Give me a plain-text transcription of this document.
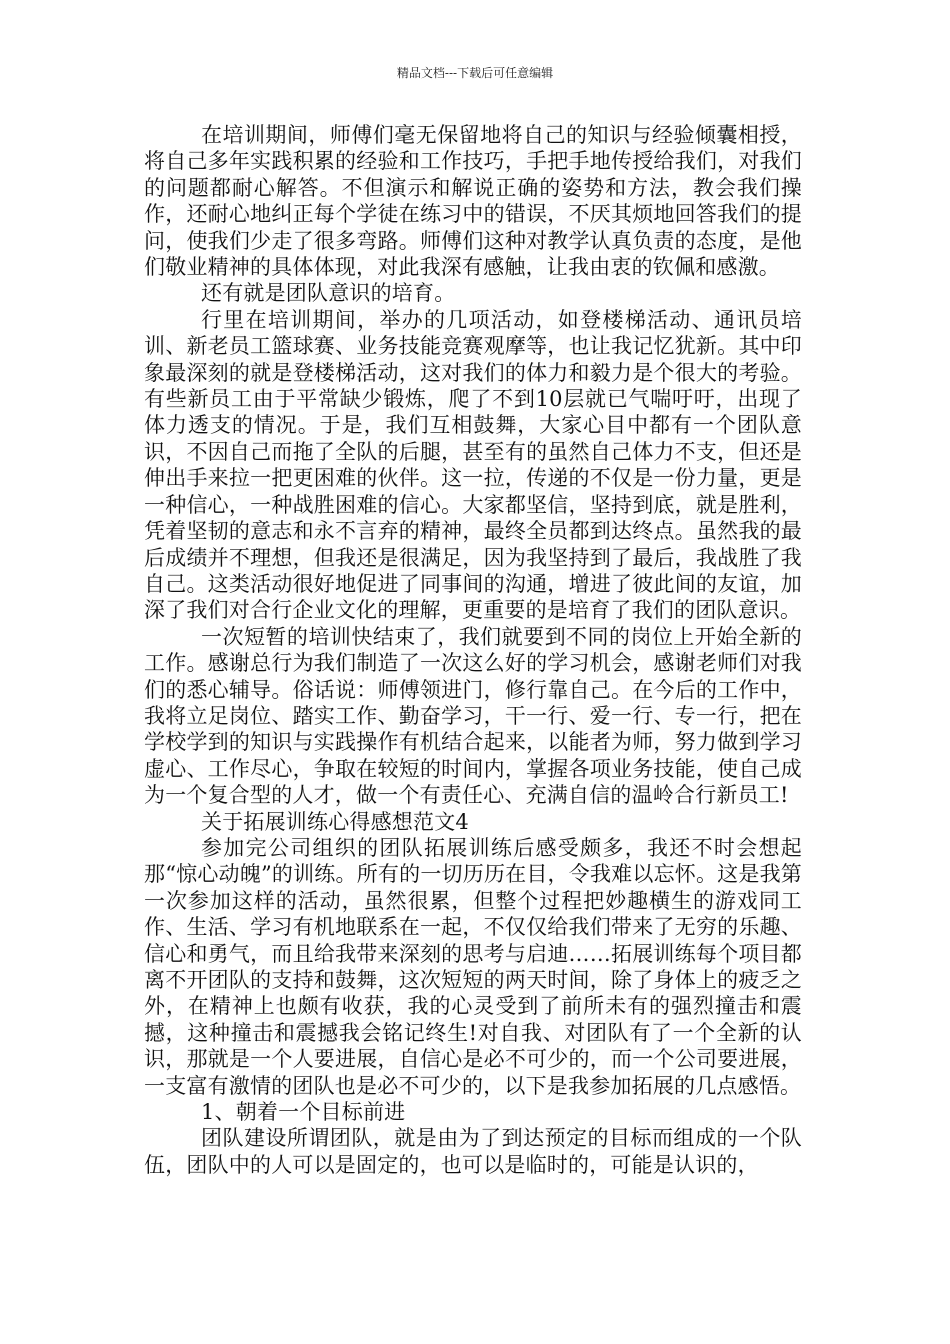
精品文档---下载后可任意编辑

在培训期间，师傅们毫无保留地将自己的知识与经验倾囊相授，将自己多年实践积累的经验和工作技巧，手把手地传授给我们，对我们的问题都耐心解答。不但演示和解说正确的姿势和方法，教会我们操作，还耐心地纠正每个学徒在练习中的错误，不厌其烦地回答我们的提问，使我们少走了很多弯路。师傅们这种对教学认真负责的态度，是他们敬业精神的具体体现，对此我深有感触，让我由衷的钦佩和感激。

还有就是团队意识的培育。

行里在培训期间，举办的几项活动，如登楼梯活动、通讯员培训、新老员工篮球赛、业务技能竞赛观摩等，也让我记忆犹新。其中印象最深刻的就是登楼梯活动，这对我们的体力和毅力是个很大的考验。有些新员工由于平常缺少锻炼，爬了不到10层就已气喘吁吁，出现了体力透支的情况。于是，我们互相鼓舞，大家心目中都有一个团队意识，不因自己而拖了全队的后腿，甚至有的虽然自己体力不支，但还是伸出手来拉一把更困难的伙伴。这一拉，传递的不仅是一份力量，更是一种信心，一种战胜困难的信心。大家都坚信，坚持到底，就是胜利，凭着坚韧的意志和永不言弃的精神，最终全员都到达终点。虽然我的最后成绩并不理想，但我还是很满足，因为我坚持到了最后，我战胜了我自己。这类活动很好地促进了同事间的沟通，增进了彼此间的友谊，加深了我们对合行企业文化的理解，更重要的是培育了我们的团队意识。

一次短暂的培训快结束了，我们就要到不同的岗位上开始全新的工作。感谢总行为我们制造了一次这么好的学习机会，感谢老师们对我们的悉心辅导。俗话说：师傅领进门，修行靠自己。在今后的工作中，我将立足岗位、踏实工作、勤奋学习，干一行、爱一行、专一行，把在学校学到的知识与实践操作有机结合起来，以能者为师，努力做到学习虚心、工作尽心，争取在较短的时间内，掌握各项业务技能，使自己成为一个复合型的人才，做一个有责任心、充满自信的温岭合行新员工!

关于拓展训练心得感想范文4

参加完公司组织的团队拓展训练后感受颇多，我还不时会想起那“惊心动魄”的训练。所有的一切历历在目，令我难以忘怀。这是我第一次参加这样的活动，虽然很累，但整个过程把妙趣横生的游戏同工作、生活、学习有机地联系在一起，不仅仅给我们带来了无穷的乐趣、信心和勇气，而且给我带来深刻的思考与启迪……拓展训练每个项目都离不开团队的支持和鼓舞，这次短短的两天时间，除了身体上的疲乏之外，在精神上也颇有收获，我的心灵受到了前所未有的强烈撞击和震撼，这种撞击和震撼我会铭记终生!对自我、对团队有了一个全新的认识，那就是一个人要进展，自信心是必不可少的，而一个公司要进展，一支富有激情的团队也是必不可少的，以下是我参加拓展的几点感悟。

1、朝着一个目标前进

团队建设所谓团队，就是由为了到达预定的目标而组成的一个队伍，团队中的人可以是固定的，也可以是临时的，可能是认识的，
